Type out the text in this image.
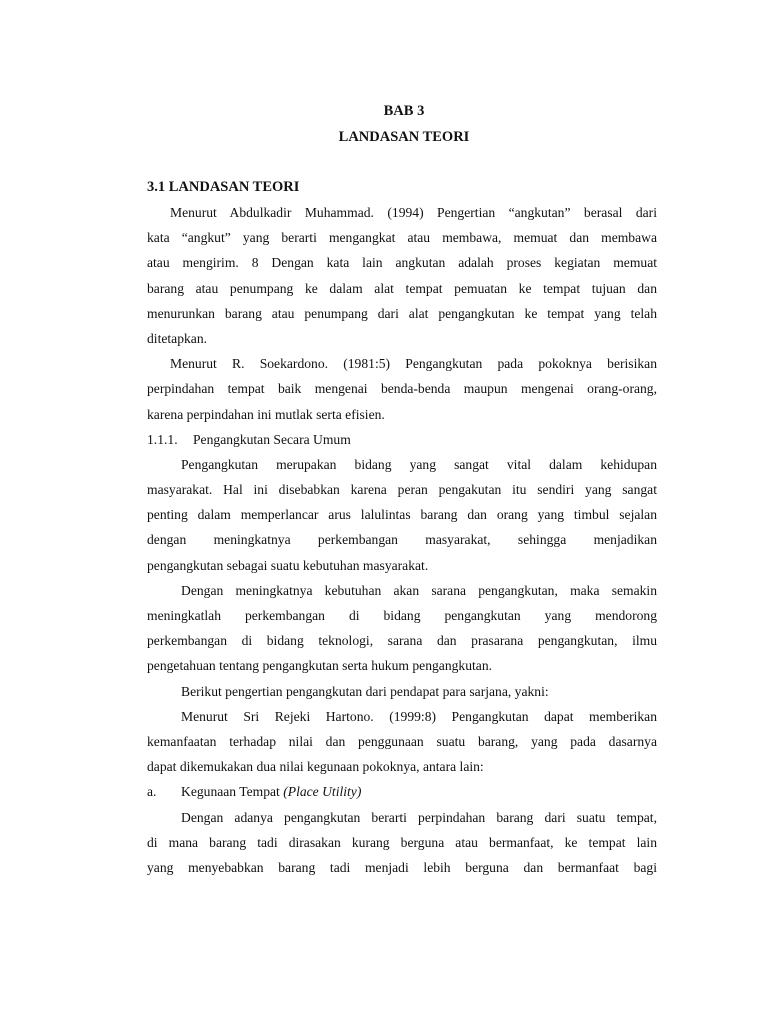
BAB 3
LANDASAN TEORI
3.1 LANDASAN TEORI
Menurut Abdulkadir Muhammad. (1994) Pengertian “angkutan” berasal dari
kata “angkut” yang berarti mengangkat atau membawa, memuat dan membawa
atau mengirim. 8 Dengan kata lain angkutan adalah proses kegiatan memuat
barang atau penumpang ke dalam alat tempat pemuatan ke tempat tujuan dan
menurunkan barang atau penumpang dari alat pengangkutan ke tempat yang telah
ditetapkan.
Menurut R. Soekardono. (1981:5) Pengangkutan pada pokoknya berisikan
perpindahan tempat baik mengenai benda-benda maupun mengenai orang-orang,
karena perpindahan ini mutlak serta efisien.
1.1.1. Pengangkutan Secara Umum
Pengangkutan merupakan bidang yang sangat vital dalam kehidupan
masyarakat. Hal ini disebabkan karena peran pengakutan itu sendiri yang sangat
penting dalam memperlancar arus lalulintas barang dan orang yang timbul sejalan
dengan meningkatnya perkembangan masyarakat, sehingga menjadikan
pengangkutan sebagai suatu kebutuhan masyarakat.
Dengan meningkatnya kebutuhan akan sarana pengangkutan, maka semakin
meningkatlah perkembangan di bidang pengangkutan yang mendorong
perkembangan di bidang teknologi, sarana dan prasarana pengangkutan, ilmu
pengetahuan tentang pengangkutan serta hukum pengangkutan.
Berikut pengertian pengangkutan dari pendapat para sarjana, yakni:
Menurut Sri Rejeki Hartono. (1999:8) Pengangkutan dapat memberikan
kemanfaatan terhadap nilai dan penggunaan suatu barang, yang pada dasarnya
dapat dikemukakan dua nilai kegunaan pokoknya, antara lain:
a. Kegunaan Tempat (Place Utility)
Dengan adanya pengangkutan berarti perpindahan barang dari suatu tempat,
di mana barang tadi dirasakan kurang berguna atau bermanfaat, ke tempat lain
yang menyebabkan barang tadi menjadi lebih berguna dan bermanfaat bagi
